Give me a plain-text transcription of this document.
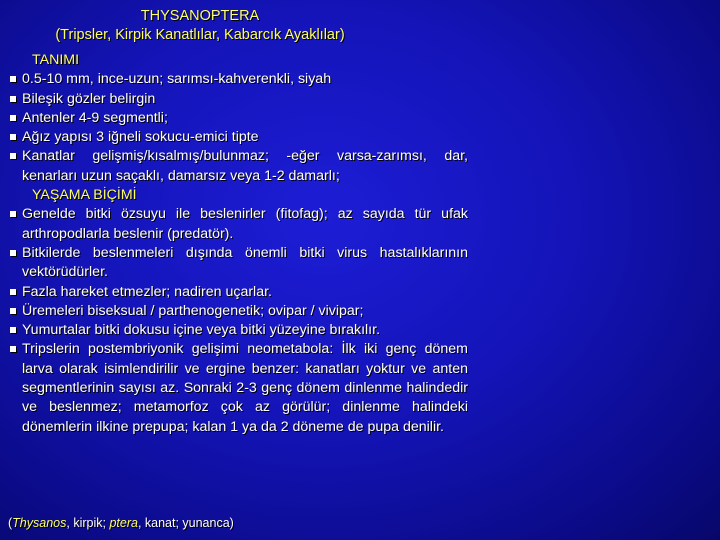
THYSANOPTERA
(Tripsler, Kirpik Kanatlılar, Kabarcık Ayaklılar)
TANIMI
0.5-10 mm, ince-uzun; sarımsı-kahverenkli, siyah
Bileşik gözler belirgin
Antenler 4-9 segmentli;
Ağız yapısı 3 iğneli sokucu-emici tipte
Kanatlar gelişmiş/kısalmış/bulunmaz; -eğer varsa-zarımsı, dar, kenarları uzun saçaklı, damarsız veya 1-2 damarlı;
YAŞAMA BİÇİMİ
Genelde bitki özsuyu ile beslenirler (fitofag); az sayıda tür ufak arthropodlarla beslenir (predatör).
Bitkilerde beslenmeleri dışında önemli bitki virus hastalıklarının vektörüdürler.
Fazla hareket etmezler; nadiren uçarlar.
Üremeleri biseksual / parthenogenetik; ovipar / vivipar;
Yumurtalar bitki dokusu içine veya bitki yüzeyine bırakılır.
Tripslerin postembriyonik gelişimi neometabola: İlk iki genç dönem larva olarak isimlendirilir ve ergine benzer: kanatları yoktur ve anten segmentlerinin sayısı az. Sonraki 2-3 genç dönem dinlenme halindedir ve beslenmez; metamorfoz çok az görülür; dinlenme halindeki dönemlerin ilkine prepupa; kalan 1 ya da 2 döneme de pupa denilir.
(Thysanos, kirpik; ptera, kanat; yunanca)
